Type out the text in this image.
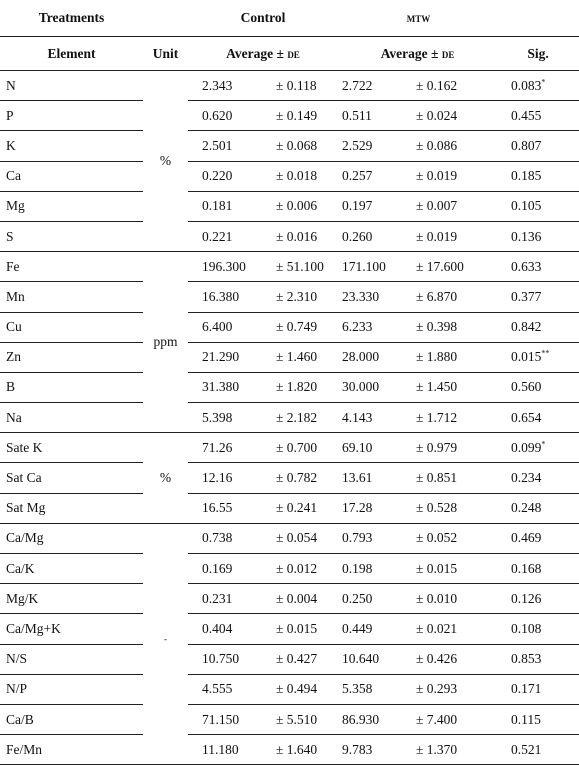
Treatments		Control		mtw		
Element	Unit	Average ± de		Average ± de		Sig.
N	%	2.343	± 0.118	2.722	± 0.162	0.083*
P		0.620	± 0.149	0.511	± 0.024	0.455
K		2.501	± 0.068	2.529	± 0.086	0.807
Ca		0.220	± 0.018	0.257	± 0.019	0.185
Mg		0.181	± 0.006	0.197	± 0.007	0.105
S		0.221	± 0.016	0.260	± 0.019	0.136
Fe	ppm	196.300	± 51.100	171.100	± 17.600	0.633
Mn		16.380	± 2.310	23.330	± 6.870	0.377
Cu		6.400	± 0.749	6.233	± 0.398	0.842
Zn		21.290	± 1.460	28.000	± 1.880	0.015**
B		31.380	± 1.820	30.000	± 1.450	0.560
Na		5.398	± 2.182	4.143	± 1.712	0.654
Sate K	%	71.26	± 0.700	69.10	± 0.979	0.099*
Sat Ca		12.16	± 0.782	13.61	± 0.851	0.234
Sat Mg		16.55	± 0.241	17.28	± 0.528	0.248
Ca/Mg	-	0.738	± 0.054	0.793	± 0.052	0.469
Ca/K		0.169	± 0.012	0.198	± 0.015	0.168
Mg/K		0.231	± 0.004	0.250	± 0.010	0.126
Ca/Mg+K		0.404	± 0.015	0.449	± 0.021	0.108
N/S		10.750	± 0.427	10.640	± 0.426	0.853
N/P		4.555	± 0.494	5.358	± 0.293	0.171
Ca/B		71.150	± 5.510	86.930	± 7.400	0.115
Fe/Mn		11.180	± 1.640	9.783	± 1.370	0.521
